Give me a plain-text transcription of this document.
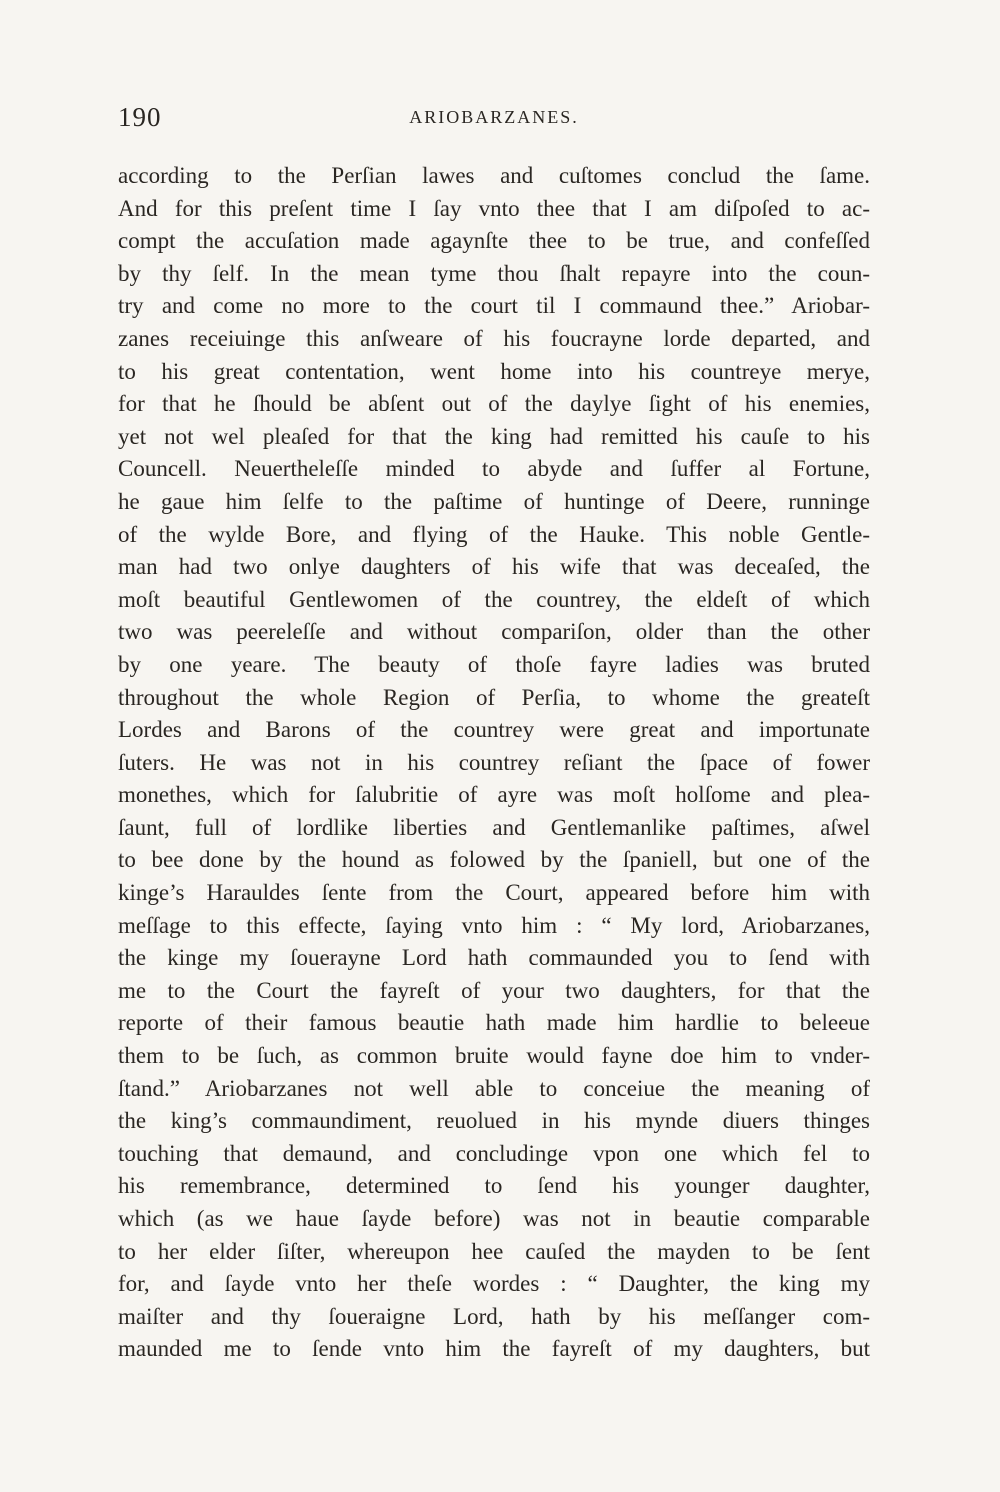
190	ARIOBARZANES.
according to the Perſian lawes and cuſtomes conclud the ſame.
And for this preſent time I ſay vnto thee that I am diſpoſed to ac-
compt the accuſation made agaynſte thee to be true, and confeſſed
by thy ſelf. In the mean tyme thou ſhalt repayre into the coun-
try and come no more to the court til I commaund thee.” Ariobar-
zanes receiuinge this anſweare of his foucrayne lorde departed, and
to his great contentation, went home into his countreye merye,
for that he ſhould be abſent out of the daylye ſight of his enemies,
yet not wel pleaſed for that the king had remitted his cauſe to his
Councell. Neuertheleſſe minded to abyde and ſuffer al Fortune,
he gaue him ſelfe to the paſtime of huntinge of Deere, runninge
of the wylde Bore, and flying of the Hauke. This noble Gentle-
man had two onlye daughters of his wife that was deceaſed, the
moſt beautiful Gentlewomen of the countrey, the eldeſt of which
two was peereleſſe and without compariſon, older than the other
by one yeare. The beauty of thoſe fayre ladies was bruted
throughout the whole Region of Perſia, to whome the greateſt
Lordes and Barons of the countrey were great and importunate
ſuters. He was not in his countrey reſiant the ſpace of fower
monethes, which for ſalubritie of ayre was moſt holſome and plea-
ſaunt, full of lordlike liberties and Gentlemanlike paſtimes, aſwel
to bee done by the hound as folowed by the ſpaniell, but one of the
kinge’s Harauldes ſente from the Court, appeared before him with
meſſage to this effecte, ſaying vnto him : “ My lord, Ariobarzanes,
the kinge my ſouerayne Lord hath commaunded you to ſend with
me to the Court the fayreſt of your two daughters, for that the
reporte of their famous beautie hath made him hardlie to beleeue
them to be ſuch, as common bruite would fayne doe him to vnder-
ſtand.” Ariobarzanes not well able to conceiue the meaning of
the king’s commaundiment, reuolued in his mynde diuers thinges
touching that demaund, and concludinge vpon one which fel to
his remembrance, determined to ſend his younger daughter,
which (as we haue ſayde before) was not in beautie comparable
to her elder ſiſter, whereupon hee cauſed the mayden to be ſent
for, and ſayde vnto her theſe wordes : “ Daughter, the king my
maiſter and thy ſoueraigne Lord, hath by his meſſanger com-
maunded me to ſende vnto him the fayreſt of my daughters, but
